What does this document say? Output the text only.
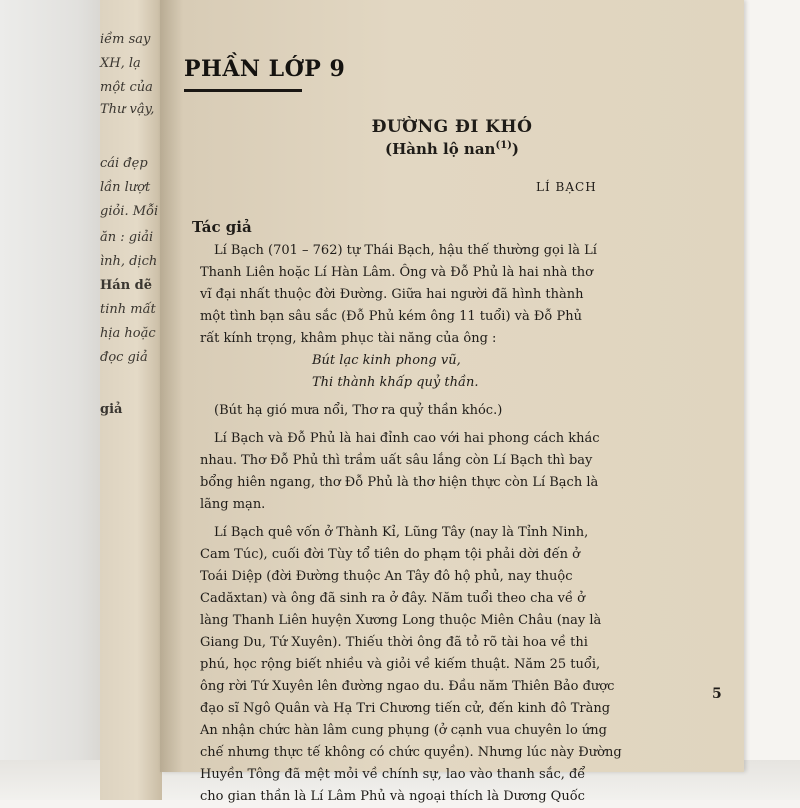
iềm say
XH, lạ
một của
Thư vậy,
cái đẹp
lần lượt
giỏi. Mỗi
ăn : giải
ình, dịch
Hán dẽ
tinh mất
hịa hoặc
đọc giả
giả
PHẦN LỚP 9
ĐƯỜNG ĐI KHÓ
(Hành lộ nan$^{(1)}$)
LÍ BẠCH
Tác giả
Lí Bạch (701 – 762) tự Thái Bạch, hậu thế thường gọi là Lí
Thanh Liên hoặc Lí Hàn Lâm. Ông và Đỗ Phủ là hai nhà thơ
vĩ đại nhất thuộc đời Đường. Giữa hai người đã hình thành
một tình bạn sâu sắc (Đỗ Phủ kém ông 11 tuổi) và Đỗ Phủ
rất kính trọng, khâm phục tài năng của ông :
Bút lạc kinh phong vũ,
Thi thành khấp quỷ thần.
(Bút hạ gió mưa nổi, Thơ ra quỷ thần khóc.)
Lí Bạch và Đỗ Phủ là hai đỉnh cao với hai phong cách khác
nhau. Thơ Đỗ Phủ thì trầm uất sâu lắng còn Lí Bạch thì bay
bổng hiên ngang, thơ Đỗ Phủ là thơ hiện thực còn Lí Bạch là
lãng mạn.
Lí Bạch quê vốn ở Thành Kỉ, Lũng Tây (nay là Tỉnh Ninh,
Cam Túc), cuối đời Tùy tổ tiên do phạm tội phải dời đến ở
Toái Diệp (đời Đường thuộc An Tây đô hộ phủ, nay thuộc
Cadăxtan) và ông đã sinh ra ở đây. Năm tuổi theo cha về ở
làng Thanh Liên huyện Xương Long thuộc Miên Châu (nay là
Giang Du, Tứ Xuyên). Thiếu thời ông đã tỏ rõ tài hoa về thi
phú, học rộng biết nhiều và giỏi về kiếm thuật. Năm 25 tuổi,
ông rời Tứ Xuyên lên đường ngao du. Đầu năm Thiên Bảo được
đạo sĩ Ngô Quân và Hạ Tri Chương tiến cử, đến kinh đô Tràng
An nhận chức hàn lâm cung phụng (ở cạnh vua chuyên lo ứng
chế nhưng thực tế không có chức quyền). Nhưng lúc này Đường
Huyền Tông đã mệt mỏi về chính sự, lao vào thanh sắc, để
cho gian thần là Lí Lâm Phủ và ngoại thích là Dương Quốc
5
